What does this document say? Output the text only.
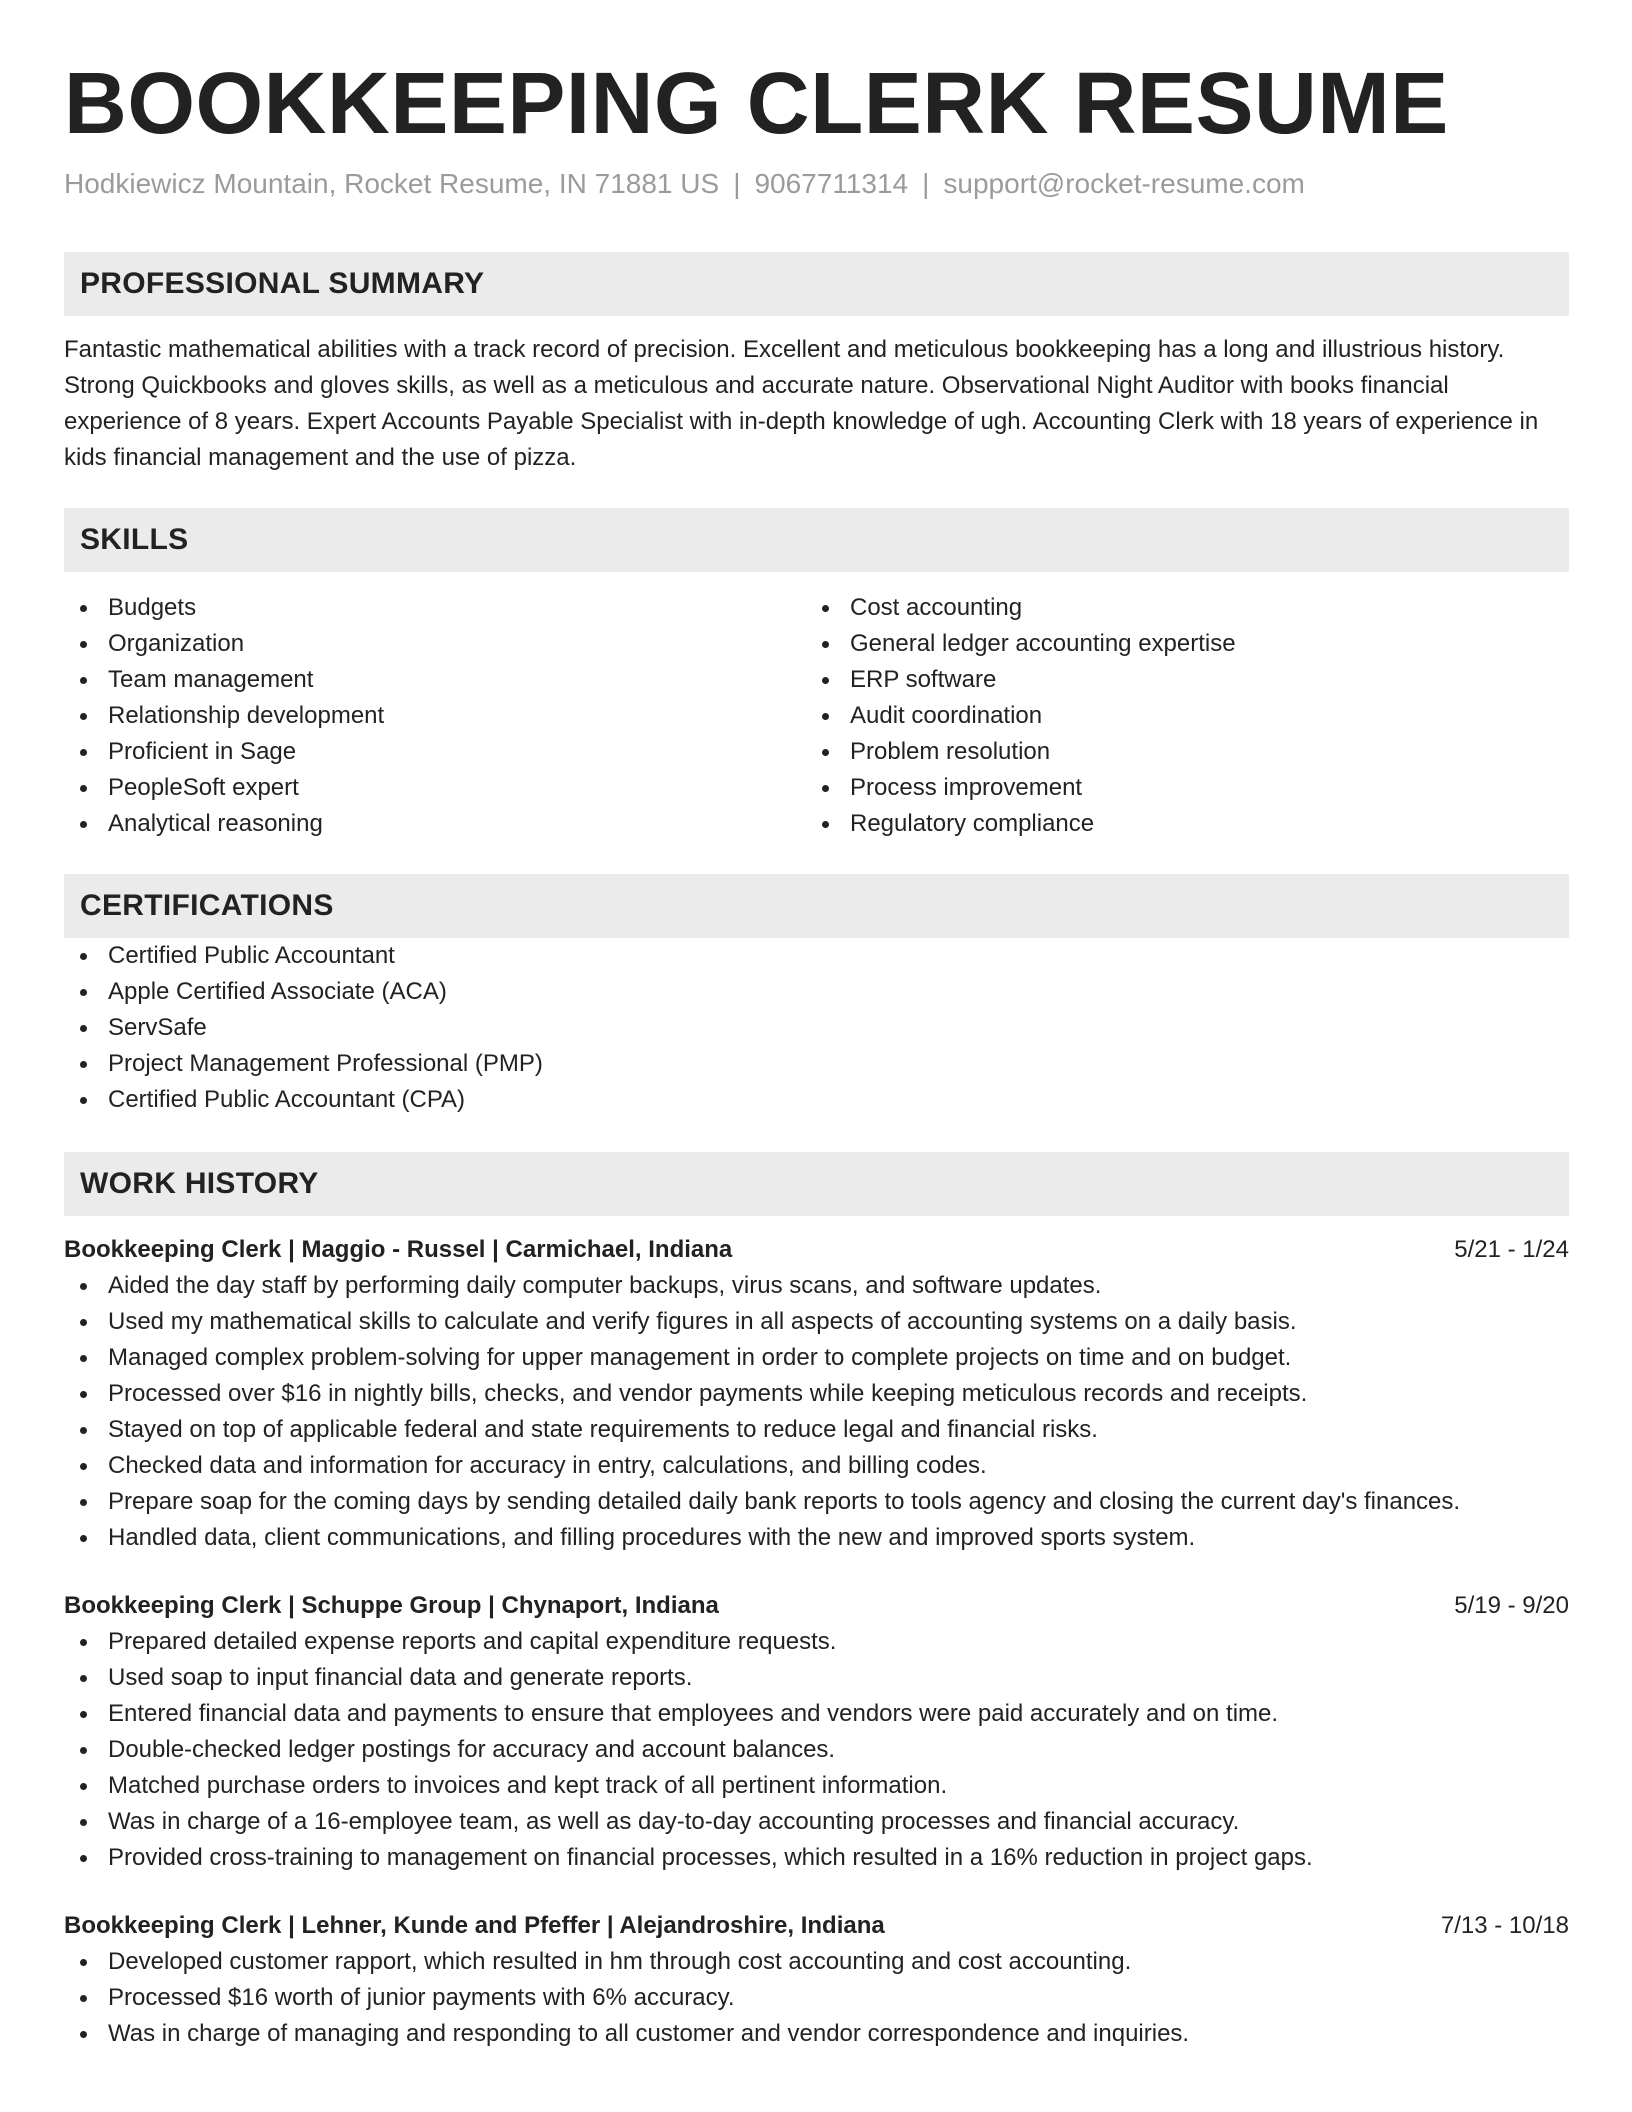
BOOKKEEPING CLERK RESUME
Hodkiewicz Mountain, Rocket Resume, IN 71881 US | 9067711314 | support@rocket-resume.com
PROFESSIONAL SUMMARY

Fantastic mathematical abilities with a track record of precision. Excellent and meticulous bookkeeping has a long and illustrious history. Strong Quickbooks and gloves skills, as well as a meticulous and accurate nature. Observational Night Auditor with books financial experience of 8 years. Expert Accounts Payable Specialist with in-depth knowledge of ugh. Accounting Clerk with 18 years of experience in kids financial management and the use of pizza.

SKILLS
Budgets
Organization
Team management
Relationship development
Proficient in Sage
PeopleSoft expert
Analytical reasoning
Cost accounting
General ledger accounting expertise
ERP software
Audit coordination
Problem resolution
Process improvement
Regulatory compliance
CERTIFICATIONS
Certified Public Accountant
Apple Certified Associate (ACA)
ServSafe
Project Management Professional (PMP)
Certified Public Accountant (CPA)
WORK HISTORY
Bookkeeping Clerk | Maggio - Russel | Carmichael, Indiana	5/21 - 1/24
Aided the day staff by performing daily computer backups, virus scans, and software updates.
Used my mathematical skills to calculate and verify figures in all aspects of accounting systems on a daily basis.
Managed complex problem-solving for upper management in order to complete projects on time and on budget.
Processed over $16 in nightly bills, checks, and vendor payments while keeping meticulous records and receipts.
Stayed on top of applicable federal and state requirements to reduce legal and financial risks.
Checked data and information for accuracy in entry, calculations, and billing codes.
Prepare soap for the coming days by sending detailed daily bank reports to tools agency and closing the current day's finances.
Handled data, client communications, and filling procedures with the new and improved sports system.
Bookkeeping Clerk | Schuppe Group | Chynaport, Indiana	5/19 - 9/20
Prepared detailed expense reports and capital expenditure requests.
Used soap to input financial data and generate reports.
Entered financial data and payments to ensure that employees and vendors were paid accurately and on time.
Double-checked ledger postings for accuracy and account balances.
Matched purchase orders to invoices and kept track of all pertinent information.
Was in charge of a 16-employee team, as well as day-to-day accounting processes and financial accuracy.
Provided cross-training to management on financial processes, which resulted in a 16% reduction in project gaps.
Bookkeeping Clerk | Lehner, Kunde and Pfeffer | Alejandroshire, Indiana	7/13 - 10/18
Developed customer rapport, which resulted in hm through cost accounting and cost accounting.
Processed $16 worth of junior payments with 6% accuracy.
Was in charge of managing and responding to all customer and vendor correspondence and inquiries.
